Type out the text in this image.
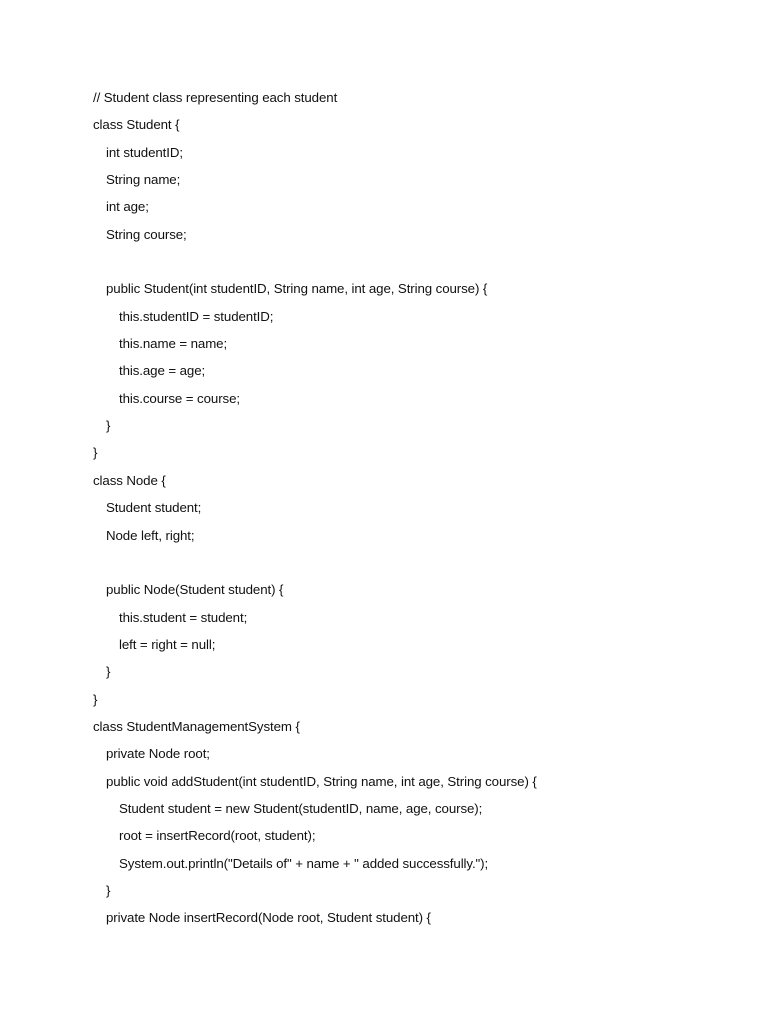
// Student class representing each student
class Student {
int studentID;
String name;
int age;
String course;
public Student(int studentID, String name, int age, String course) {
this.studentID = studentID;
this.name = name;
this.age = age;
this.course = course;
}
}
class Node {
Student student;
Node left, right;
public Node(Student student) {
this.student = student;
left = right = null;
}
}
class StudentManagementSystem {
private Node root;
public void addStudent(int studentID, String name, int age, String course) {
Student student = new Student(studentID, name, age, course);
root = insertRecord(root, student);
System.out.println("Details of" + name + " added successfully.");
}
private Node insertRecord(Node root, Student student) {
